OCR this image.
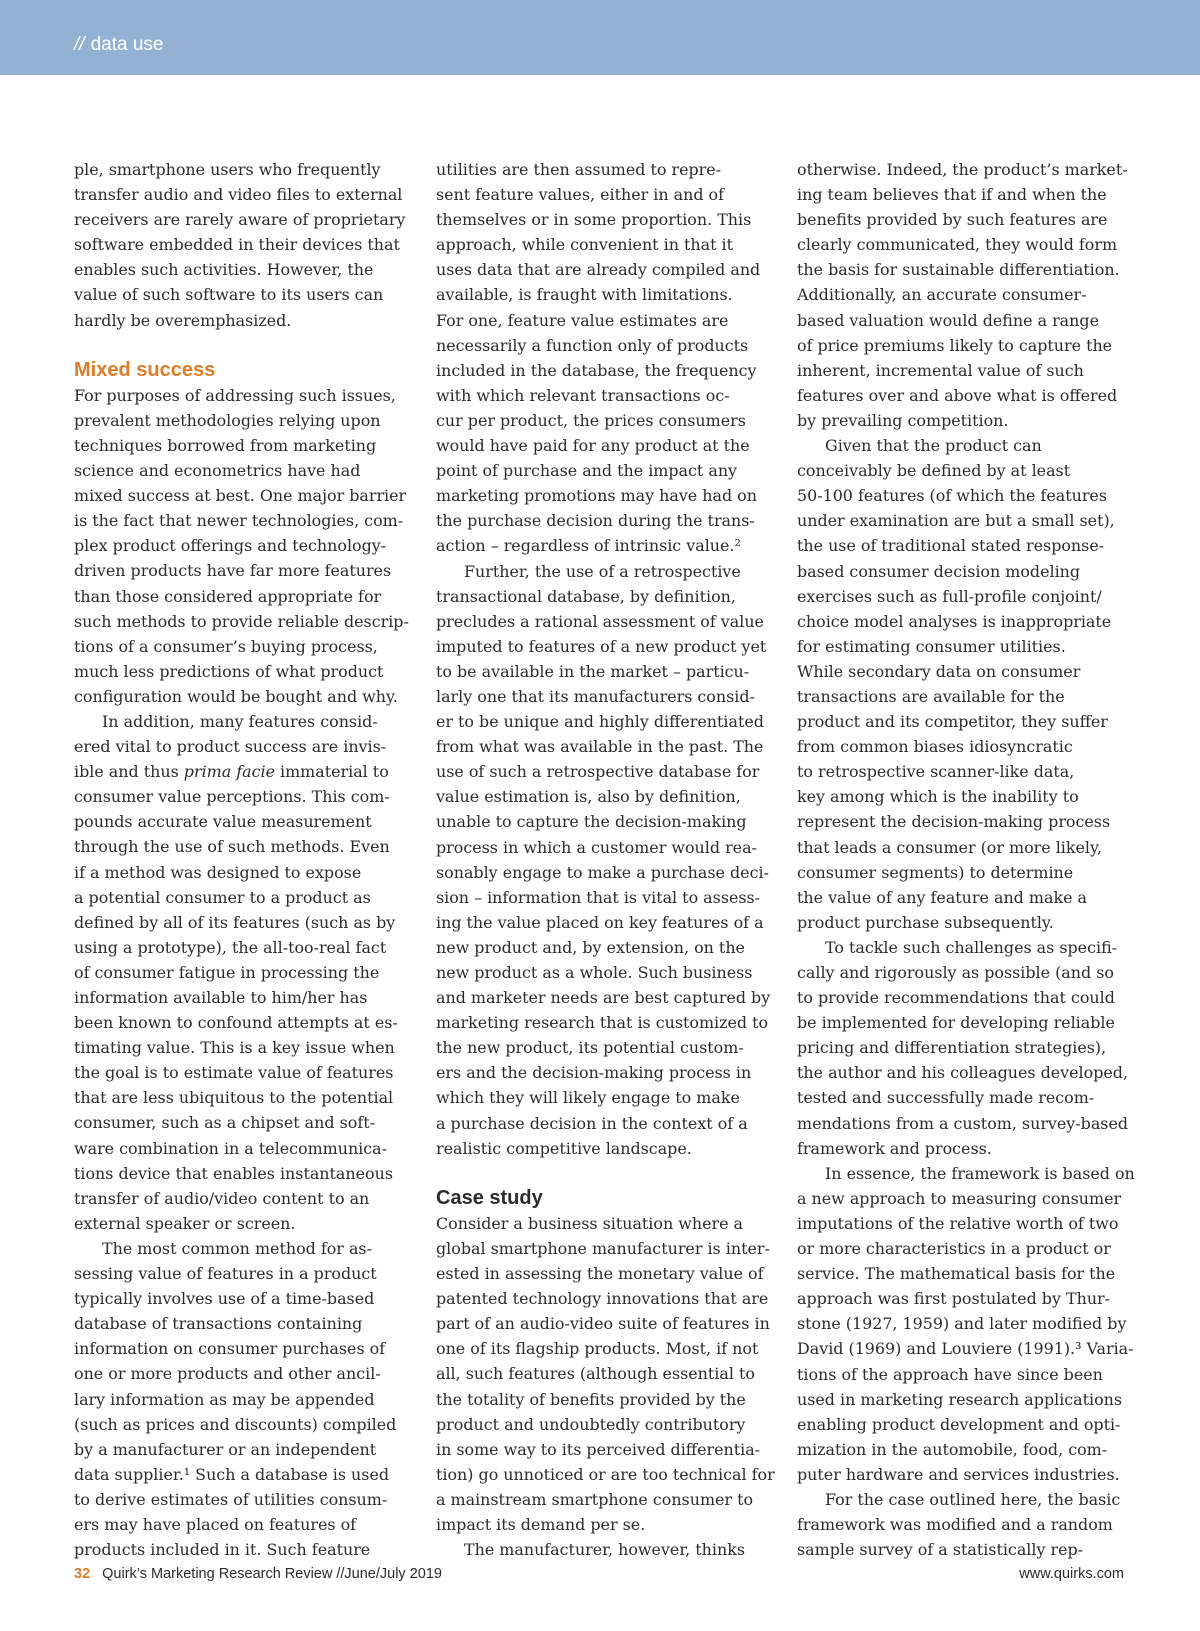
// data use

ple, smartphone users who frequently

transfer audio and video files to external

receivers are rarely aware of proprietary

software embedded in their devices that

enables such activities. However, the

value of such software to its users can

hardly be overemphasized.

Mixed success

For purposes of addressing such issues,

prevalent methodologies relying upon

techniques borrowed from marketing

science and econometrics have had

mixed success at best. One major barrier

is the fact that newer technologies, com-

plex product offerings and technology-

driven products have far more features

than those considered appropriate for

such methods to provide reliable descrip-

tions of a consumer’s buying process,

much less predictions of what product

configuration would be bought and why.

In addition, many features consid-

ered vital to product success are invis-

ible and thus prima facie immaterial to

consumer value perceptions. This com-

pounds accurate value measurement

through the use of such methods. Even

if a method was designed to expose

a potential consumer to a product as

defined by all of its features (such as by

using a prototype), the all-too-real fact

of consumer fatigue in processing the

information available to him/her has

been known to confound attempts at es-

timating value. This is a key issue when

the goal is to estimate value of features

that are less ubiquitous to the potential

consumer, such as a chipset and soft-

ware combination in a telecommunica-

tions device that enables instantaneous

transfer of audio/video content to an

external speaker or screen.

The most common method for as-

sessing value of features in a product

typically involves use of a time-based

database of transactions containing

information on consumer purchases of

one or more products and other ancil-

lary information as may be appended

(such as prices and discounts) compiled

by a manufacturer or an independent

data supplier.¹ Such a database is used

to derive estimates of utilities consum-

ers may have placed on features of

products included in it. Such feature

utilities are then assumed to repre-

sent feature values, either in and of

themselves or in some proportion. This

approach, while convenient in that it

uses data that are already compiled and

available, is fraught with limitations.

For one, feature value estimates are

necessarily a function only of products

included in the database, the frequency

with which relevant transactions oc-

cur per product, the prices consumers

would have paid for any product at the

point of purchase and the impact any

marketing promotions may have had on

the purchase decision during the trans-

action – regardless of intrinsic value.²

Further, the use of a retrospective

transactional database, by definition,

precludes a rational assessment of value

imputed to features of a new product yet

to be available in the market – particu-

larly one that its manufacturers consid-

er to be unique and highly differentiated

from what was available in the past. The

use of such a retrospective database for

value estimation is, also by definition,

unable to capture the decision-making

process in which a customer would rea-

sonably engage to make a purchase deci-

sion – information that is vital to assess-

ing the value placed on key features of a

new product and, by extension, on the

new product as a whole. Such business

and marketer needs are best captured by

marketing research that is customized to

the new product, its potential custom-

ers and the decision-making process in

which they will likely engage to make

a purchase decision in the context of a

realistic competitive landscape.

Case study

Consider a business situation where a

global smartphone manufacturer is inter-

ested in assessing the monetary value of

patented technology innovations that are

part of an audio-video suite of features in

one of its flagship products. Most, if not

all, such features (although essential to

the totality of benefits provided by the

product and undoubtedly contributory

in some way to its perceived differentia-

tion) go unnoticed or are too technical for

a mainstream smartphone consumer to

impact its demand per se.

The manufacturer, however, thinks

otherwise. Indeed, the product’s market-

ing team believes that if and when the

benefits provided by such features are

clearly communicated, they would form

the basis for sustainable differentiation.

Additionally, an accurate consumer-

based valuation would define a range

of price premiums likely to capture the

inherent, incremental value of such

features over and above what is offered

by prevailing competition.

Given that the product can

conceivably be defined by at least

50-100 features (of which the features

under examination are but a small set),

the use of traditional stated response-

based consumer decision modeling

exercises such as full-profile conjoint/

choice model analyses is inappropriate

for estimating consumer utilities.

While secondary data on consumer

transactions are available for the

product and its competitor, they suffer

from common biases idiosyncratic

to retrospective scanner-like data,

key among which is the inability to

represent the decision-making process

that leads a consumer (or more likely,

consumer segments) to determine

the value of any feature and make a

product purchase subsequently.

To tackle such challenges as specifi-

cally and rigorously as possible (and so

to provide recommendations that could

be implemented for developing reliable

pricing and differentiation strategies),

the author and his colleagues developed,

tested and successfully made recom-

mendations from a custom, survey-based

framework and process.

In essence, the framework is based on

a new approach to measuring consumer

imputations of the relative worth of two

or more characteristics in a product or

service. The mathematical basis for the

approach was first postulated by Thur-

stone (1927, 1959) and later modified by

David (1969) and Louviere (1991).³ Varia-

tions of the approach have since been

used in marketing research applications

enabling product development and opti-

mization in the automobile, food, com-

puter hardware and services industries.

For the case outlined here, the basic

framework was modified and a random

sample survey of a statistically rep-

32 Quirk’s Marketing Research Review //June/July 2019	www.quirks.com
